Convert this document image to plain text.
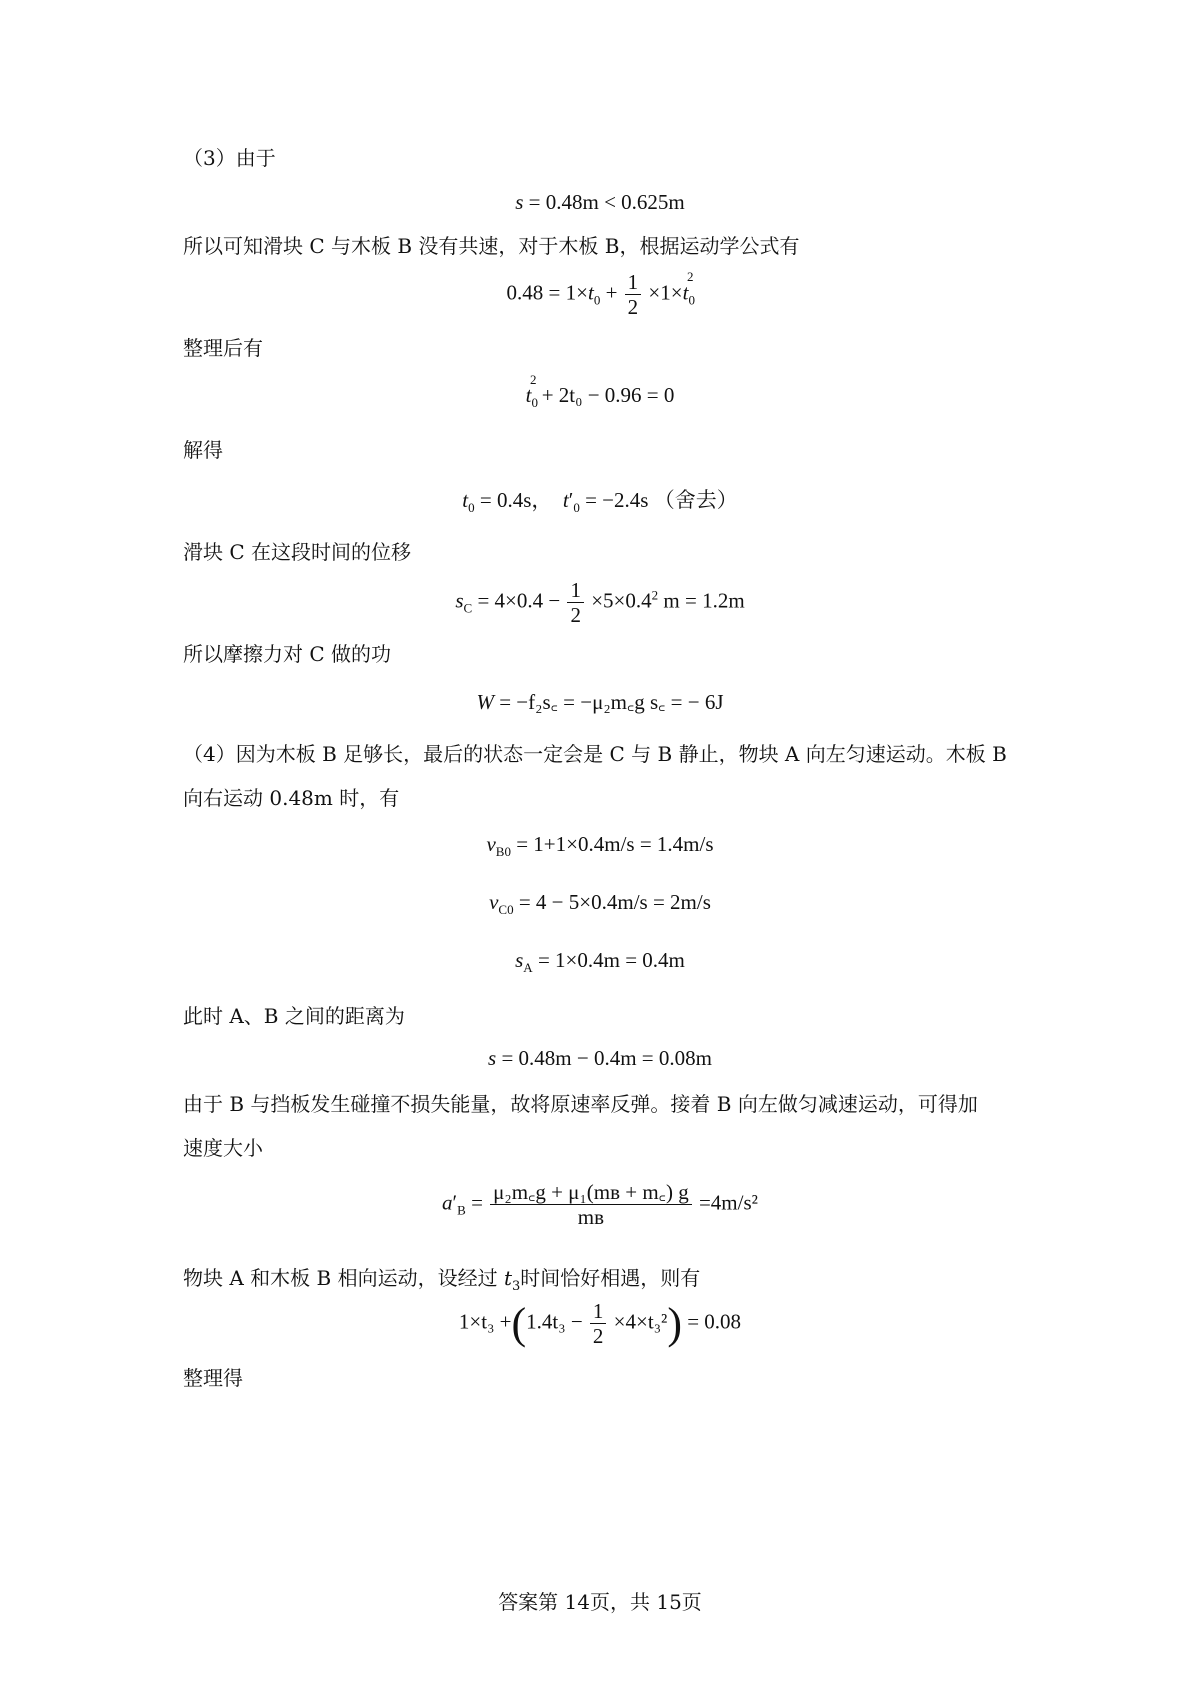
（3）由于
s = 0.48m < 0.625m
所以可知滑块 C 与木板 B 没有共速，对于木板 B，根据运动学公式有
$0.48 = 1\times t_0 + \frac{1}{2} \times 1\times t_0^2$
整理后有
$t_0^2 + 2t_0 - 0.96 = 0$
解得
$t_0 = 0.4s$， $t'_0 = -2.4s$ （舍去）
滑块 C 在这段时间的位移
$s_C = 4\times 0.4 - \frac{1}{2} \times 5\times 0.4^2$ m = 1.2m
所以摩擦力对 C 做的功
W = −f₂s꜀ = −μ₂m꜀g s꜀ = − 6J
（4）因为木板 B 足够长，最后的状态一定会是 C 与 B 静止，物块 A 向左匀速运动。木板 B
向右运动 0.48m 时，有
$v_{B0} = 1+1\times 0.4m/s = 1.4m/s$
$v_{C0} = 4 - 5\times 0.4m/s = 2m/s$
$s_A = 1\times 0.4m = 0.4m$
此时 A、B 之间的距离为
s = 0.48m − 0.4m = 0.08m
由于 B 与挡板发生碰撞不损失能量，故将原速率反弹。接着 B 向左做匀减速运动，可得加
速度大小
$a'_B = \frac{\text{μ₂m꜀g + μ₁(mʙ + m꜀) g}}{\text{mʙ}} =4m/s^2$
物块 A 和木板 B 相向运动，设经过 $t_3$时间恰好相遇，则有
$1\times t_3 +(1.4t_3 - \frac{1}{2} \times 4\times t_3^2) = 0.08$
整理得
答案第 14页，共 15页
